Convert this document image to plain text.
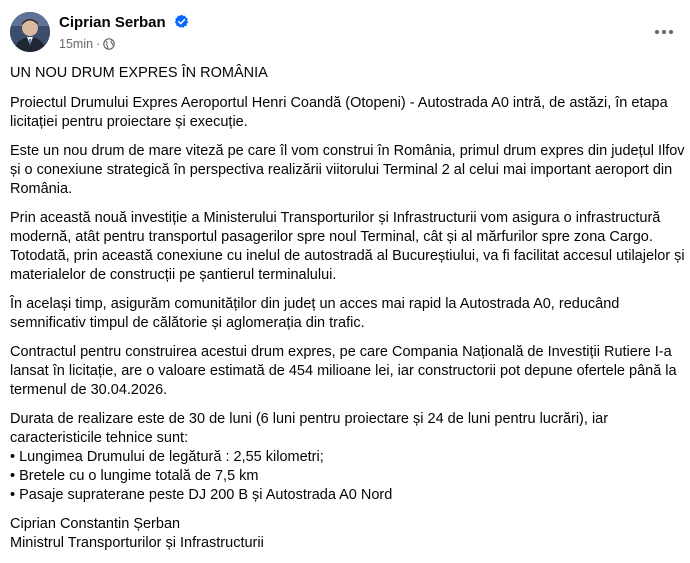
Ciprian Serban
15min ·

UN NOU DRUM EXPRES ÎN ROMÂNIA

Proiectul Drumului Expres Aeroportul Henri Coandă (Otopeni) - Autostrada A0 intră, de astăzi, în etapa licitației pentru proiectare și execuție.

Este un nou drum de mare viteză pe care îl vom construi în România, primul drum expres din județul Ilfov și o conexiune strategică în perspectiva realizării viitorului Terminal 2 al celui mai important aeroport din România.

Prin această nouă investiție a Ministerului Transporturilor și Infrastructurii vom asigura o infrastructură modernă, atât pentru transportul pasagerilor spre noul Terminal, cât și al mărfurilor spre zona Cargo. Totodată, prin această conexiune cu inelul de autostradă al Bucureștiului, va fi facilitat accesul utilajelor și materialelor de construcții pe șantierul terminalului.

În același timp, asigurăm comunităților din județ un acces mai rapid la Autostrada A0, reducând semnificativ timpul de călătorie și aglomerația din trafic.

Contractul pentru construirea acestui drum expres, pe care Compania Națională de Investiții Rutiere I-a lansat în licitație, are o valoare estimată de 454 milioane lei, iar constructorii pot depune ofertele până la termenul de 30.04.2026.

Durata de realizare este de 30 de luni (6 luni pentru proiectare și 24 de luni pentru lucrări), iar caracteristicile tehnice sunt:
• Lungimea Drumului de legătură : 2,55 kilometri;
• Bretele cu o lungime totală de 7,5 km
• Pasaje supraterane peste DJ 200 B și Autostrada A0 Nord

Ciprian Constantin Șerban
Ministrul Transporturilor și Infrastructurii
